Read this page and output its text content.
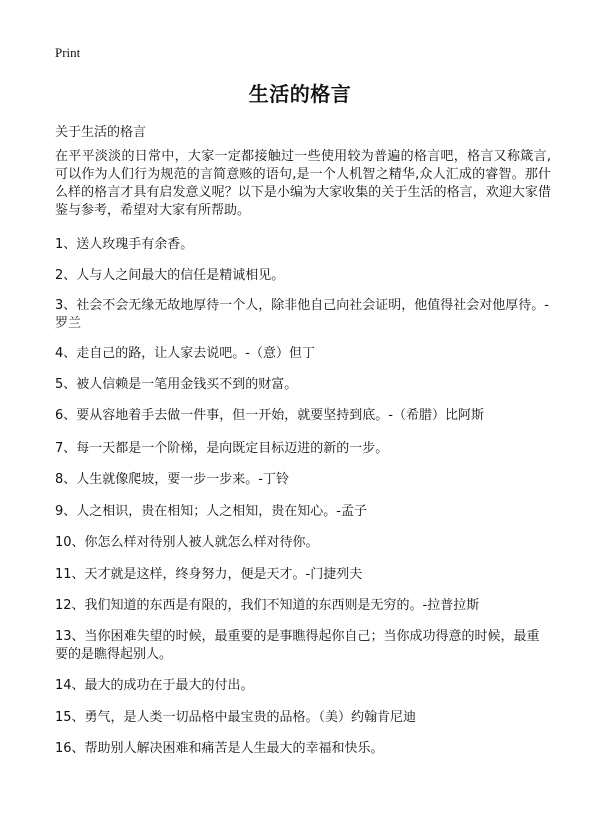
Print
生活的格言
关于生活的格言
在平平淡淡的日常中，大家一定都接触过一些使用较为普遍的格言吧，格言又称箴言,可以作为人们行为规范的言简意赅的语句,是一个人机智之精华,众人汇成的睿智。那什么样的格言才具有启发意义呢？以下是小编为大家收集的关于生活的格言，欢迎大家借鉴与参考，希望对大家有所帮助。
1、送人玫瑰手有余香。
2、人与人之间最大的信任是精诚相见。
3、社会不会无缘无故地厚待一个人，除非他自己向社会证明，他值得社会对他厚待。-罗兰
4、走自己的路，让人家去说吧。-（意）但丁
5、被人信赖是一笔用金钱买不到的财富。
6、要从容地着手去做一件事，但一开始，就要坚持到底。-（希腊）比阿斯
7、每一天都是一个阶梯，是向既定目标迈进的新的一步。
8、人生就像爬坡，要一步一步来。-丁铃
9、人之相识，贵在相知；人之相知，贵在知心。-孟子
10、你怎么样对待别人被人就怎么样对待你。
11、天才就是这样，终身努力，便是天才。-门捷列夫
12、我们知道的东西是有限的，我们不知道的东西则是无穷的。-拉普拉斯
13、当你困难失望的时候，最重要的是事瞧得起你自己；当你成功得意的时候，最重要的是瞧得起别人。
14、最大的成功在于最大的付出。
15、勇气，是人类一切品格中最宝贵的品格。（美）约翰肯尼迪
16、帮助别人解决困难和痛苦是人生最大的幸福和快乐。
